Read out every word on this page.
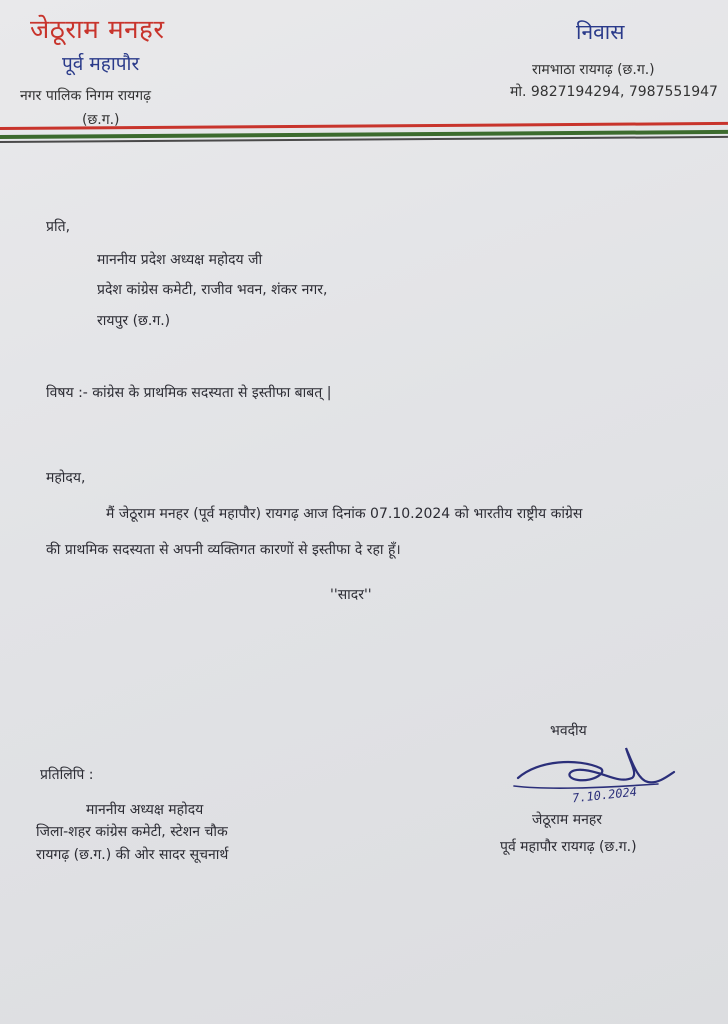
जेठूराम मनहर
पूर्व महापौर
नगर पालिक निगम रायगढ़
(छ.ग.)
निवास
रामभाठा रायगढ़ (छ.ग.)
मो. 9827194294, 7987551947
प्रति,
माननीय प्रदेश अध्यक्ष महोदय जी
प्रदेश कांग्रेस कमेटी, राजीव भवन, शंकर नगर,
रायपुर (छ.ग.)
विषय :- कांग्रेस के प्राथमिक सदस्यता से इस्तीफा बाबत् |
महोदय,
मैं जेठूराम मनहर (पूर्व महापौर) रायगढ़ आज दिनांक 07.10.2024 को भारतीय राष्ट्रीय कांग्रेस
की प्राथमिक सदस्यता से अपनी व्यक्तिगत कारणों से इस्तीफा दे रहा हूँ।
''सादर''
भवदीय
7.10.2024
जेठूराम मनहर
पूर्व महापौर रायगढ़ (छ.ग.)
प्रतिलिपि :
माननीय अध्यक्ष महोदय
जिला-शहर कांग्रेस कमेटी, स्टेशन चौक
रायगढ़ (छ.ग.) की ओर सादर सूचनार्थ
